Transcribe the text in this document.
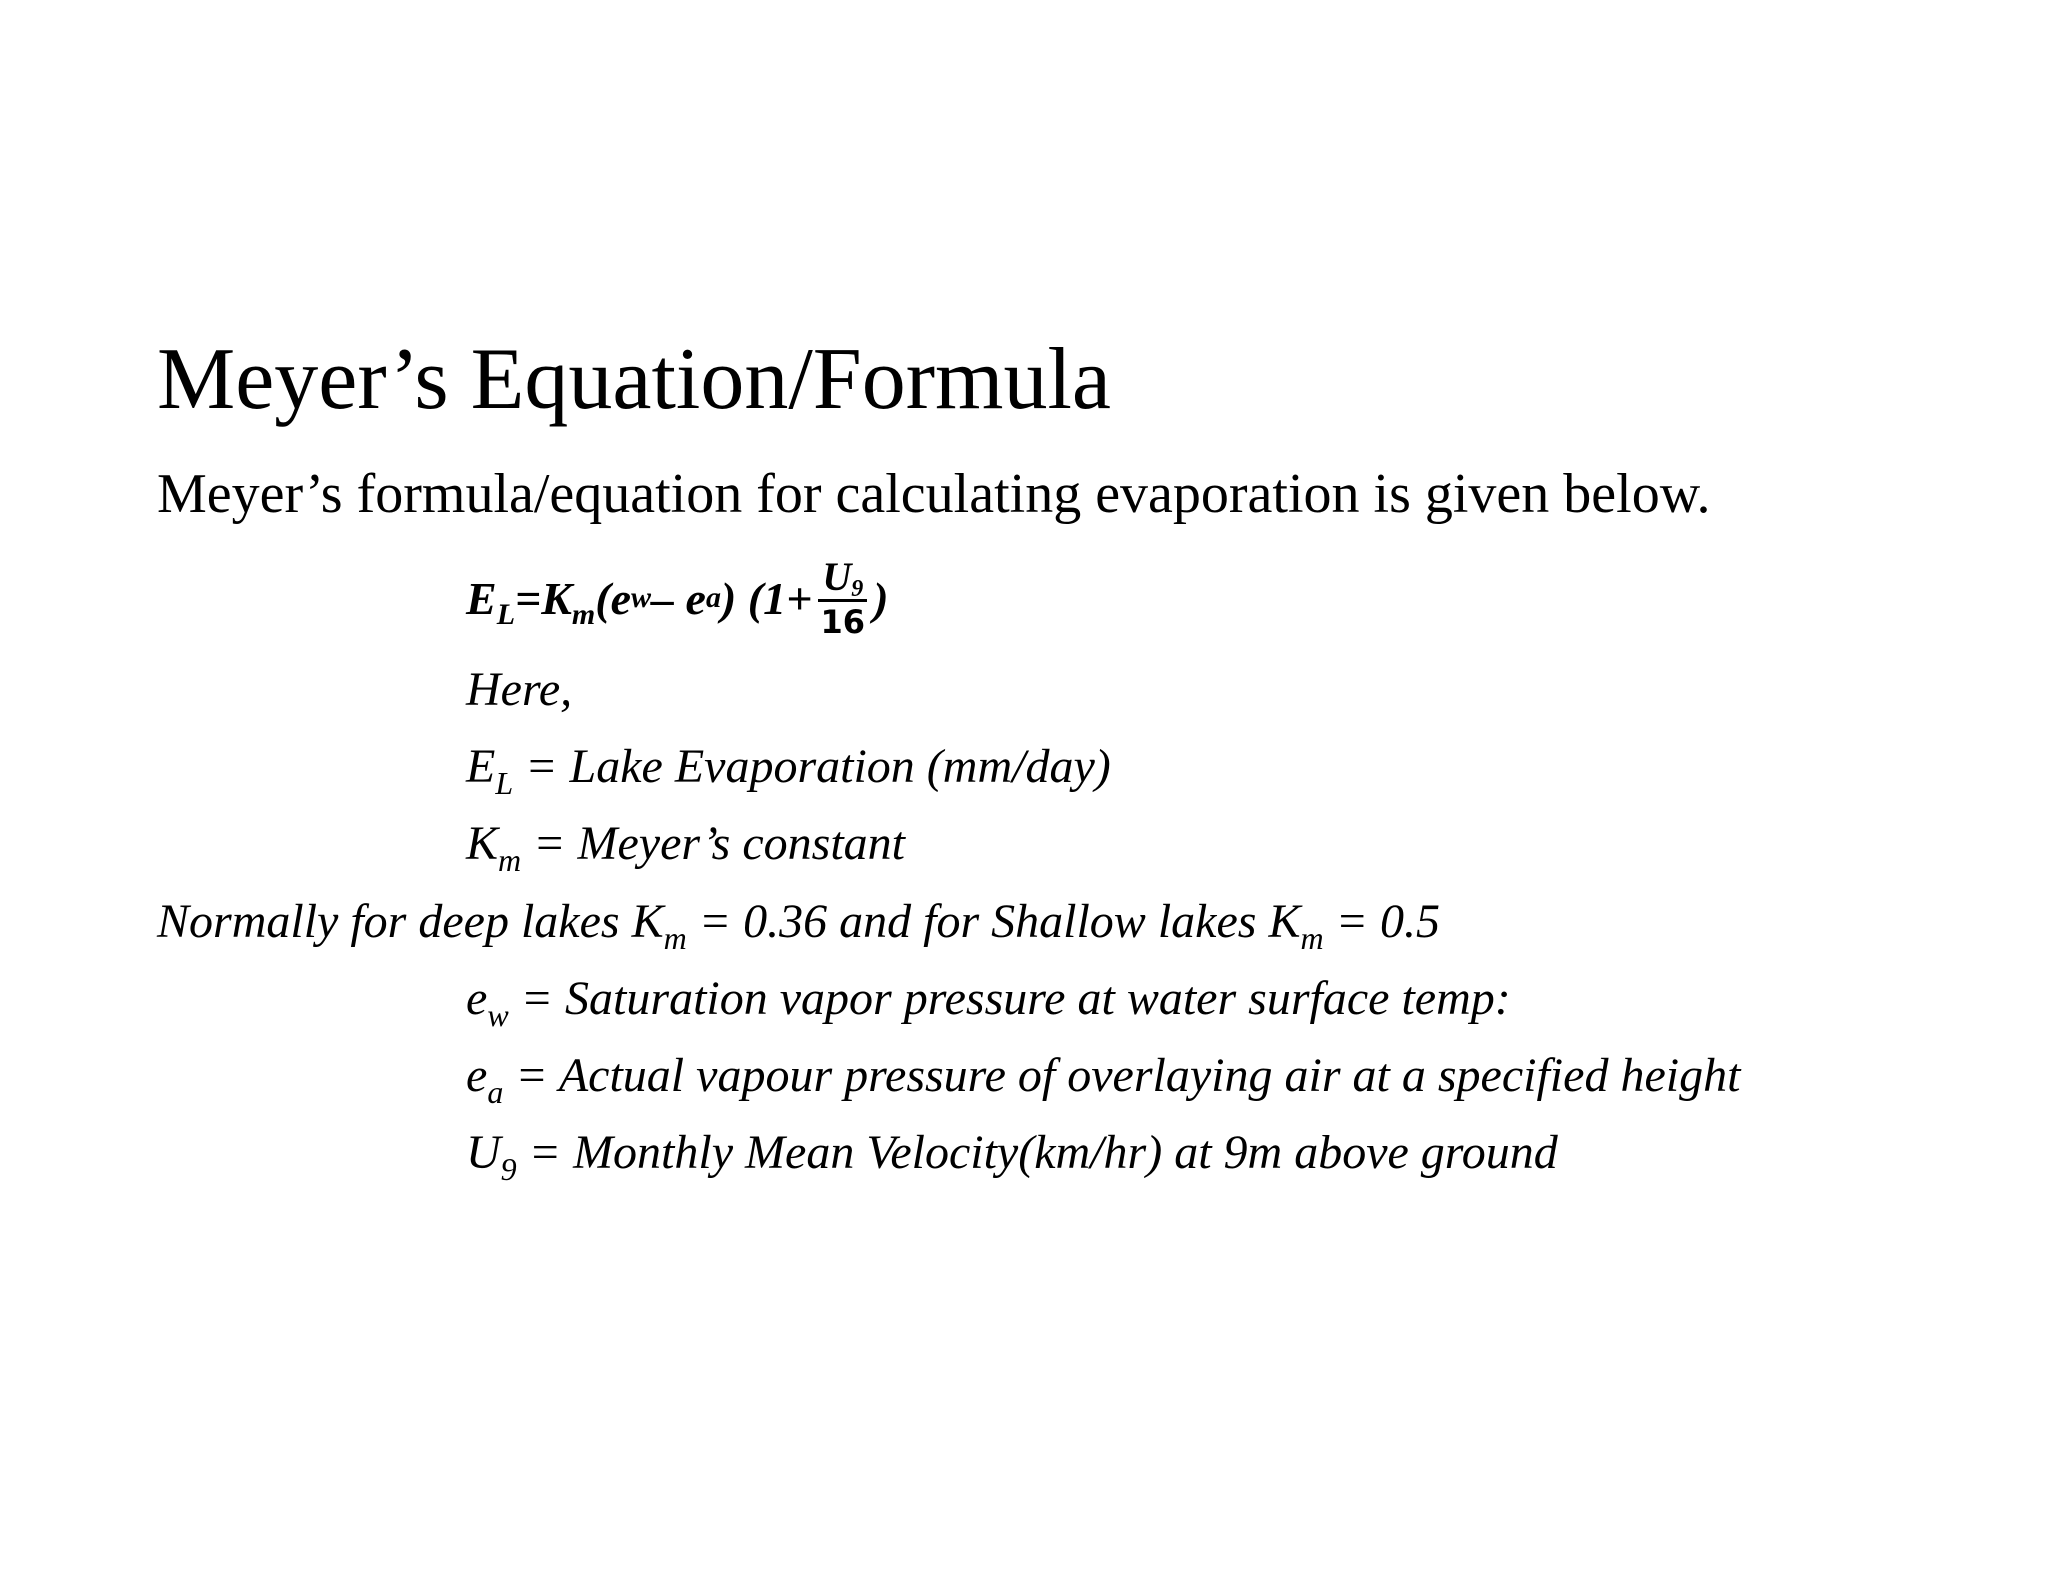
Meyer’s Equation/Formula
Meyer’s formula/equation for calculating evaporation is given below.
$E_L = K_m$ (e w – e a ) ($1+ \frac{U_9}{16}$ )
Here,
$E_L$ = Lake Evaporation (mm/day)
$K_m$ = Meyer’s constant
Normally for deep lakes $K_m = 0.36$ and for Shallow lakes $K_m = 0.5$
$e_w$ = Saturation vapor pressure at water surface temp:
$e_a$ = Actual vapour pressure of overlaying air at a specified height
$U_9$ = Monthly Mean Velocity(km/hr) at 9m above ground
